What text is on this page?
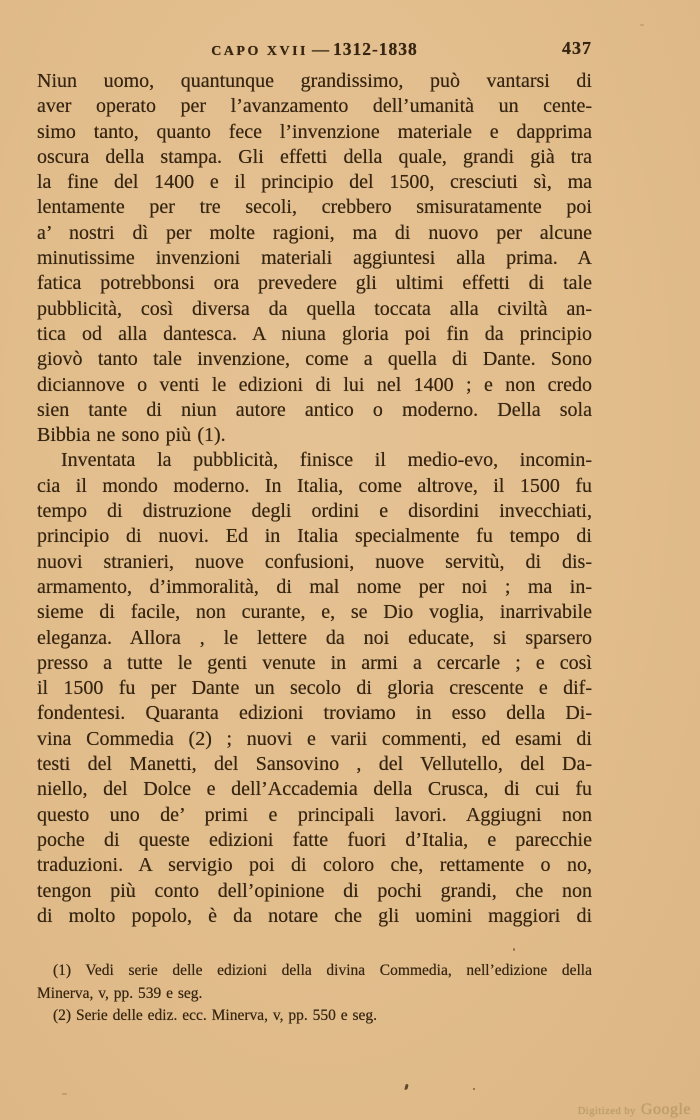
CAPO XVII — 1312-1838	437
Niun uomo, quantunque grandissimo, può vantarsi di
aver operato per l’avanzamento dell’umanità un cente-
simo tanto, quanto fece l’invenzione materiale e dapprima
oscura della stampa. Gli effetti della quale, grandi già tra
la fine del 1400 e il principio del 1500, cresciuti sì, ma
lentamente per tre secoli, crebbero smisuratamente poi
a’ nostri dì per molte ragioni, ma di nuovo per alcune
minutissime invenzioni materiali aggiuntesi alla prima. A
fatica potrebbonsi ora prevedere gli ultimi effetti di tale
pubblicità, così diversa da quella toccata alla civiltà an-
tica od alla dantesca. A niuna gloria poi fin da principio
giovò tanto tale invenzione, come a quella di Dante. Sono
diciannove o venti le edizioni di lui nel 1400 ; e non credo
sien tante di niun autore antico o moderno. Della sola
Bibbia ne sono più (1).
Inventata la pubblicità, finisce il medio-evo, incomin-
cia il mondo moderno. In Italia, come altrove, il 1500 fu
tempo di distruzione degli ordini e disordini invecchiati,
principio di nuovi. Ed in Italia specialmente fu tempo di
nuovi stranieri, nuove confusioni, nuove servitù, di dis-
armamento, d’immoralità, di mal nome per noi ; ma in-
sieme di facile, non curante, e, se Dio voglia, inarrivabile
eleganza. Allora , le lettere da noi educate, si sparsero
presso a tutte le genti venute in armi a cercarle ; e così
il 1500 fu per Dante un secolo di gloria crescente e dif-
fondentesi. Quaranta edizioni troviamo in esso della Di-
vina Commedia (2) ; nuovi e varii commenti, ed esami di
testi del Manetti, del Sansovino , del Vellutello, del Da-
niello, del Dolce e dell’Accademia della Crusca, di cui fu
questo uno de’ primi e principali lavori. Aggiugni non
poche di queste edizioni fatte fuori d’Italia, e parecchie
traduzioni. A servigio poi di coloro che, rettamente o no,
tengon più conto dell’opinione di pochi grandi, che non
di molto popolo, è da notare che gli uomini maggiori di
(1) Vedi serie delle edizioni della divina Commedia, nell’edizione della
Minerva, v, pp. 539 e seg.
(2) Serie delle ediz. ecc. Minerva, v, pp. 550 e seg.
Digitized by Google
